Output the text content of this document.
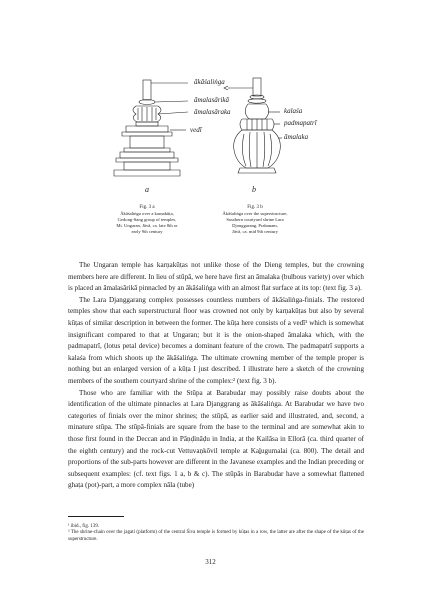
ākāśaliṅga
āmalasārikā
āmalasāraka
vedī
a
Fig. 3 a
Ākāśaliṅga over a karṇakūṭa,
Gedong-Sang group of temples,
Mt. Ungaran, Jāvā, ca. late 8th or
early 9th century
kalaśa
padmapatrī
āmalaka
b
Fig. 3 b
Ākāśaliṅga over the superstructure,
Southern courtyard shrine Lara
Djonggarang, Prabanam,
Jāvā, ca. mid 9th century

The Ungaran temple has karṇakūṭas not unlike those of the Dieng temples, but the crowning members here are different. In lieu of stūpā, we here have first an āmalaka (bulbous variety) over which is placed an āmalasārikā pinnacled by an ākāśaliṅga with an almost flat surface at its top: (text fig. 3 a).

The Lara Djanggarang complex possesses countless numbers of ākāśaliṅga-finials. The restored temples show that each superstructural floor was crowned not only by karṇakūṭas but also by several kūṭas of similar description in between the former. The kūṭa here consists of a vedī¹ which is somewhat insignificant compared to that at Ungaran; but it is the onion-shaped āmalaka which, with the padmapatrī, (lotus petal device) becomes a dominant feature of the crown. The padmapatrī supports a kalaśa from which shoots up the ākāśaliṅga. The ultimate crowning member of the temple proper is nothing but an enlarged version of a kūṭa I just described. I illustrate here a sketch of the crowning members of the southern courtyard shrine of the complex:² (text fig. 3 b).

Those who are familiar with the Stūpa at Barabudar may possibly raise doubts about the identification of the ultimate pinnacles at Lara Djanggrang as ākāśaliṅga. At Barabudar we have two categories of finials over the minor shrines; the stūpā, as earlier said and illustrated, and, second, a minature stūpa. The stūpā-finials are square from the base to the terminal and are somewhat akin to those first found in the Deccan and in Pāṇḍināḍu in India, at the Kailāsa in Ellorā (ca. third quarter of the eighth century) and the rock-cut Vettuvaṇkōvil temple at Kaḻugumalai (ca. 800). The detail and proportions of the sub-parts however are different in the Javanese examples and the Indian preceding or subsequent examples: (cf. text figs. 1 a, b & c). The stūpās in Barabudar have a somewhat flattened ghaṭa (pot)-part, a more complex nāla (tube)

¹ ibid., fig. 139.

² The shrine-chain over the jagati (platform) of the central Śiva temple is formed by kūṭas in a row, the latter are after the shape of the kūṭas of the superstructure.

312
